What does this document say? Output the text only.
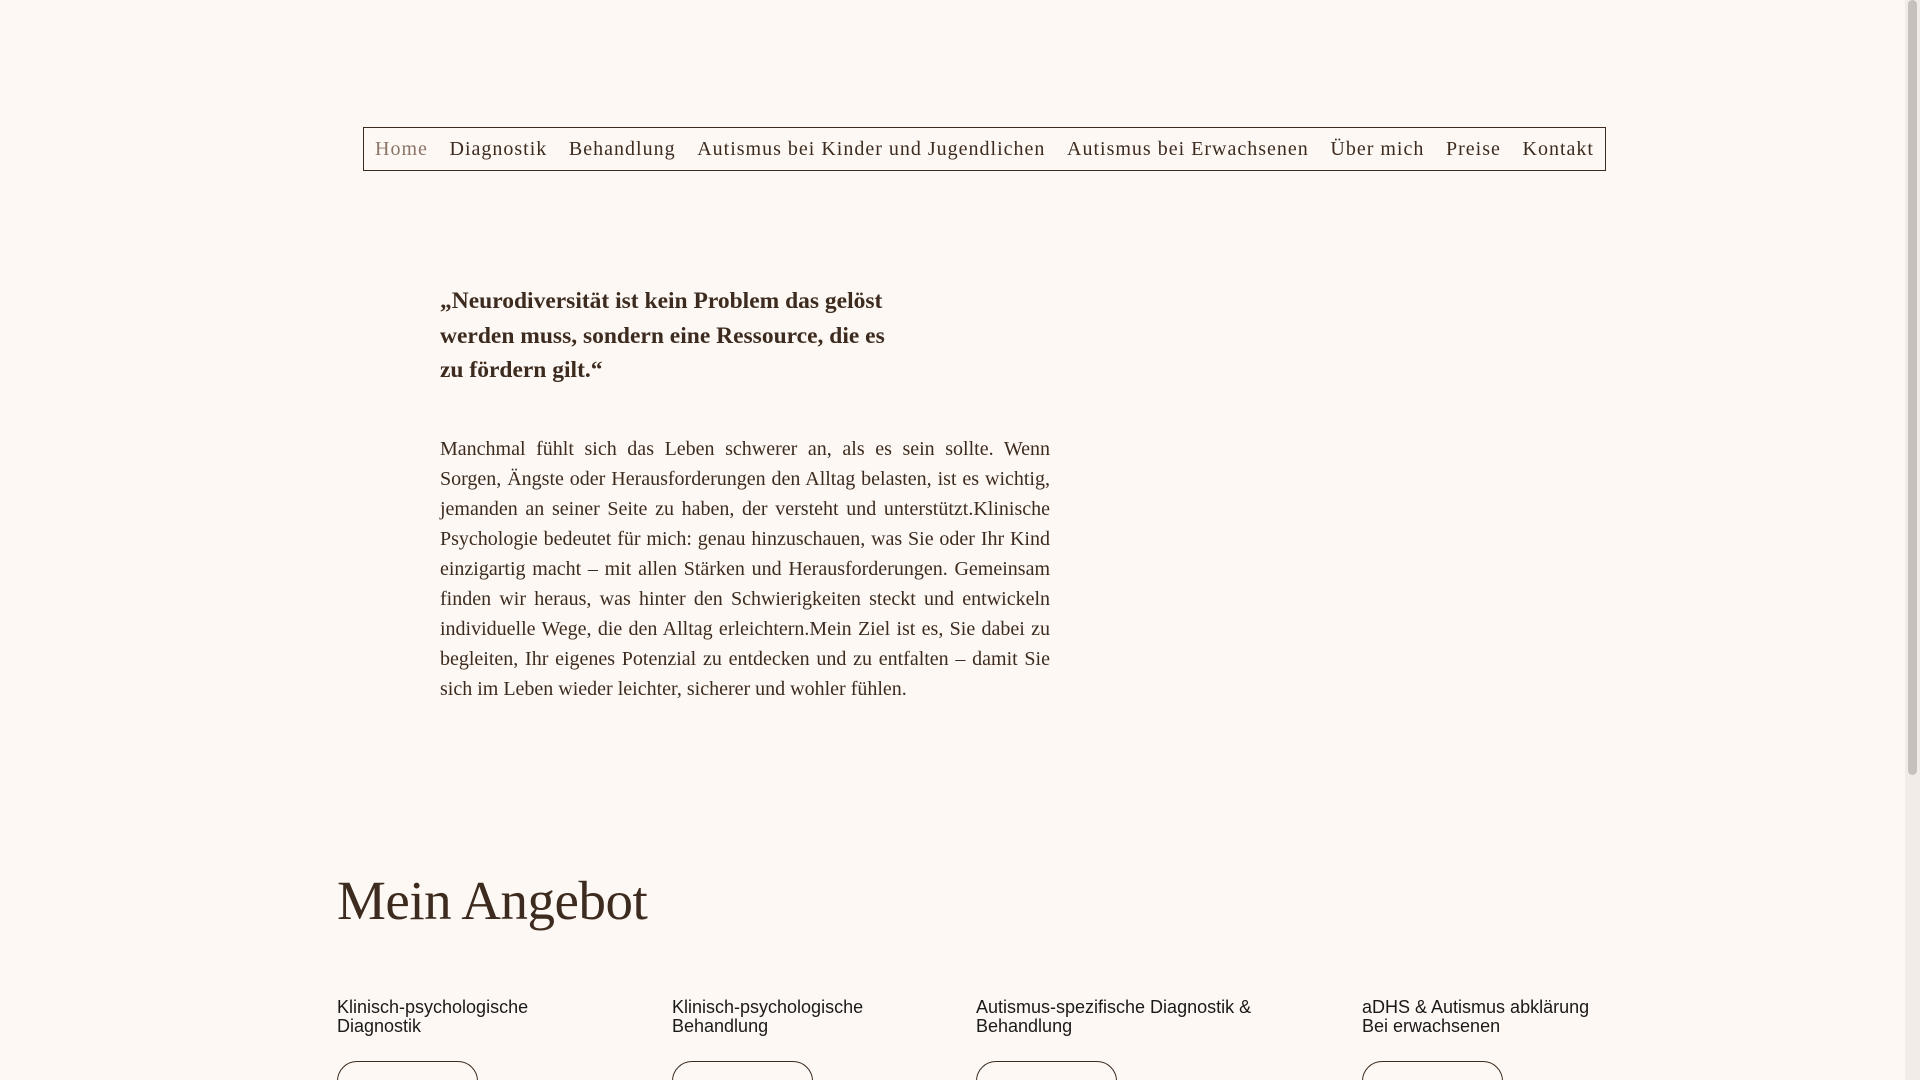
Home Diagnostik Behandlung Autismus bei Kinder und Jugendlichen Autismus bei Erwachsenen Über mich Preise Kontakt

„Neurodiversität ist kein Problem das gelöst werden muss, sondern eine Ressource, die es zu fördern gilt.“

Manchmal fühlt sich das Leben schwerer an, als es sein sollte. Wenn Sorgen, Ängste oder Herausforderungen den Alltag belasten, ist es wichtig, jemanden an seiner Seite zu haben, der versteht und unterstützt.Klinische Psychologie bedeutet für mich: genau hinzuschauen, was Sie oder Ihr Kind einzigartig macht – mit allen Stärken und Herausforderungen. Gemeinsam finden wir heraus, was hinter den Schwierigkeiten steckt und entwickeln individuelle Wege, die den Alltag erleichtern.Mein Ziel ist es, Sie dabei zu begleiten, Ihr eigenes Potenzial zu entdecken und zu entfalten – damit Sie sich im Leben wieder leichter, sicherer und wohler fühlen.

Mein Angebot
Klinisch-psychologische
Diagnostik
Klinisch-psychologische
Behandlung
Autismus-spezifische Diagnostik &
Behandlung
aDHS & Autismus abklärung
Bei erwachsenen
